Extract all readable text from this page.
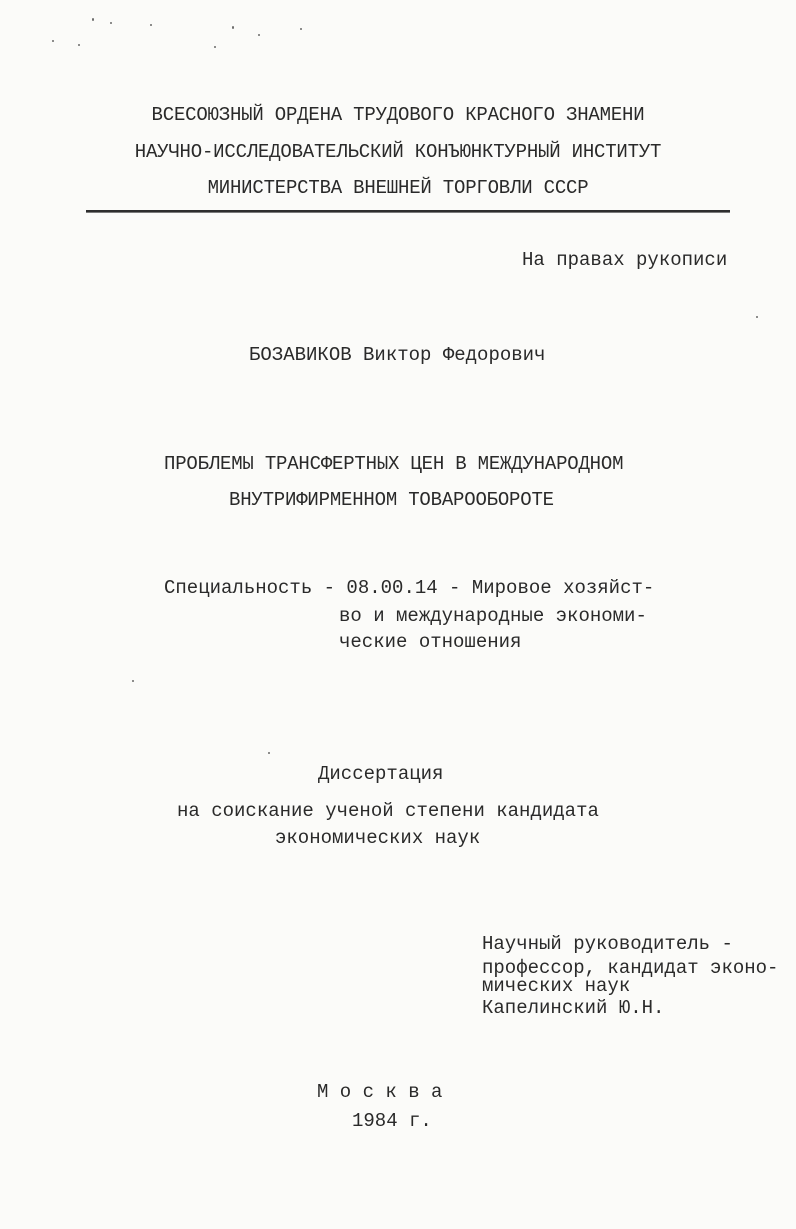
ВСЕСОЮЗНЫЙ ОРДЕНА ТРУДОВОГО КРАСНОГО ЗНАМЕНИ
НАУЧНО-ИССЛЕДОВАТЕЛЬСКИЙ КОНЪЮНКТУРНЫЙ ИНСТИТУТ
МИНИСТЕРСТВА ВНЕШНЕЙ ТОРГОВЛИ СССР
На правах рукописи
БОЗАВИКОВ Виктор Федорович
ПРОБЛЕМЫ ТРАНСФЕРТНЫХ ЦЕН В МЕЖДУНАРОДНОМ
ВНУТРИФИРМЕННОМ ТОВАРООБОРОТЕ
Специальность - 08.00.14 - Мировое хозяйст-
во и международные экономи-
ческие отношения
Диссертация
на соискание ученой степени кандидата
экономических наук
Научный руководитель -
профессор, кандидат эконо-
мических наук
Капелинский Ю.Н.
М о с к в а
1984 г.
